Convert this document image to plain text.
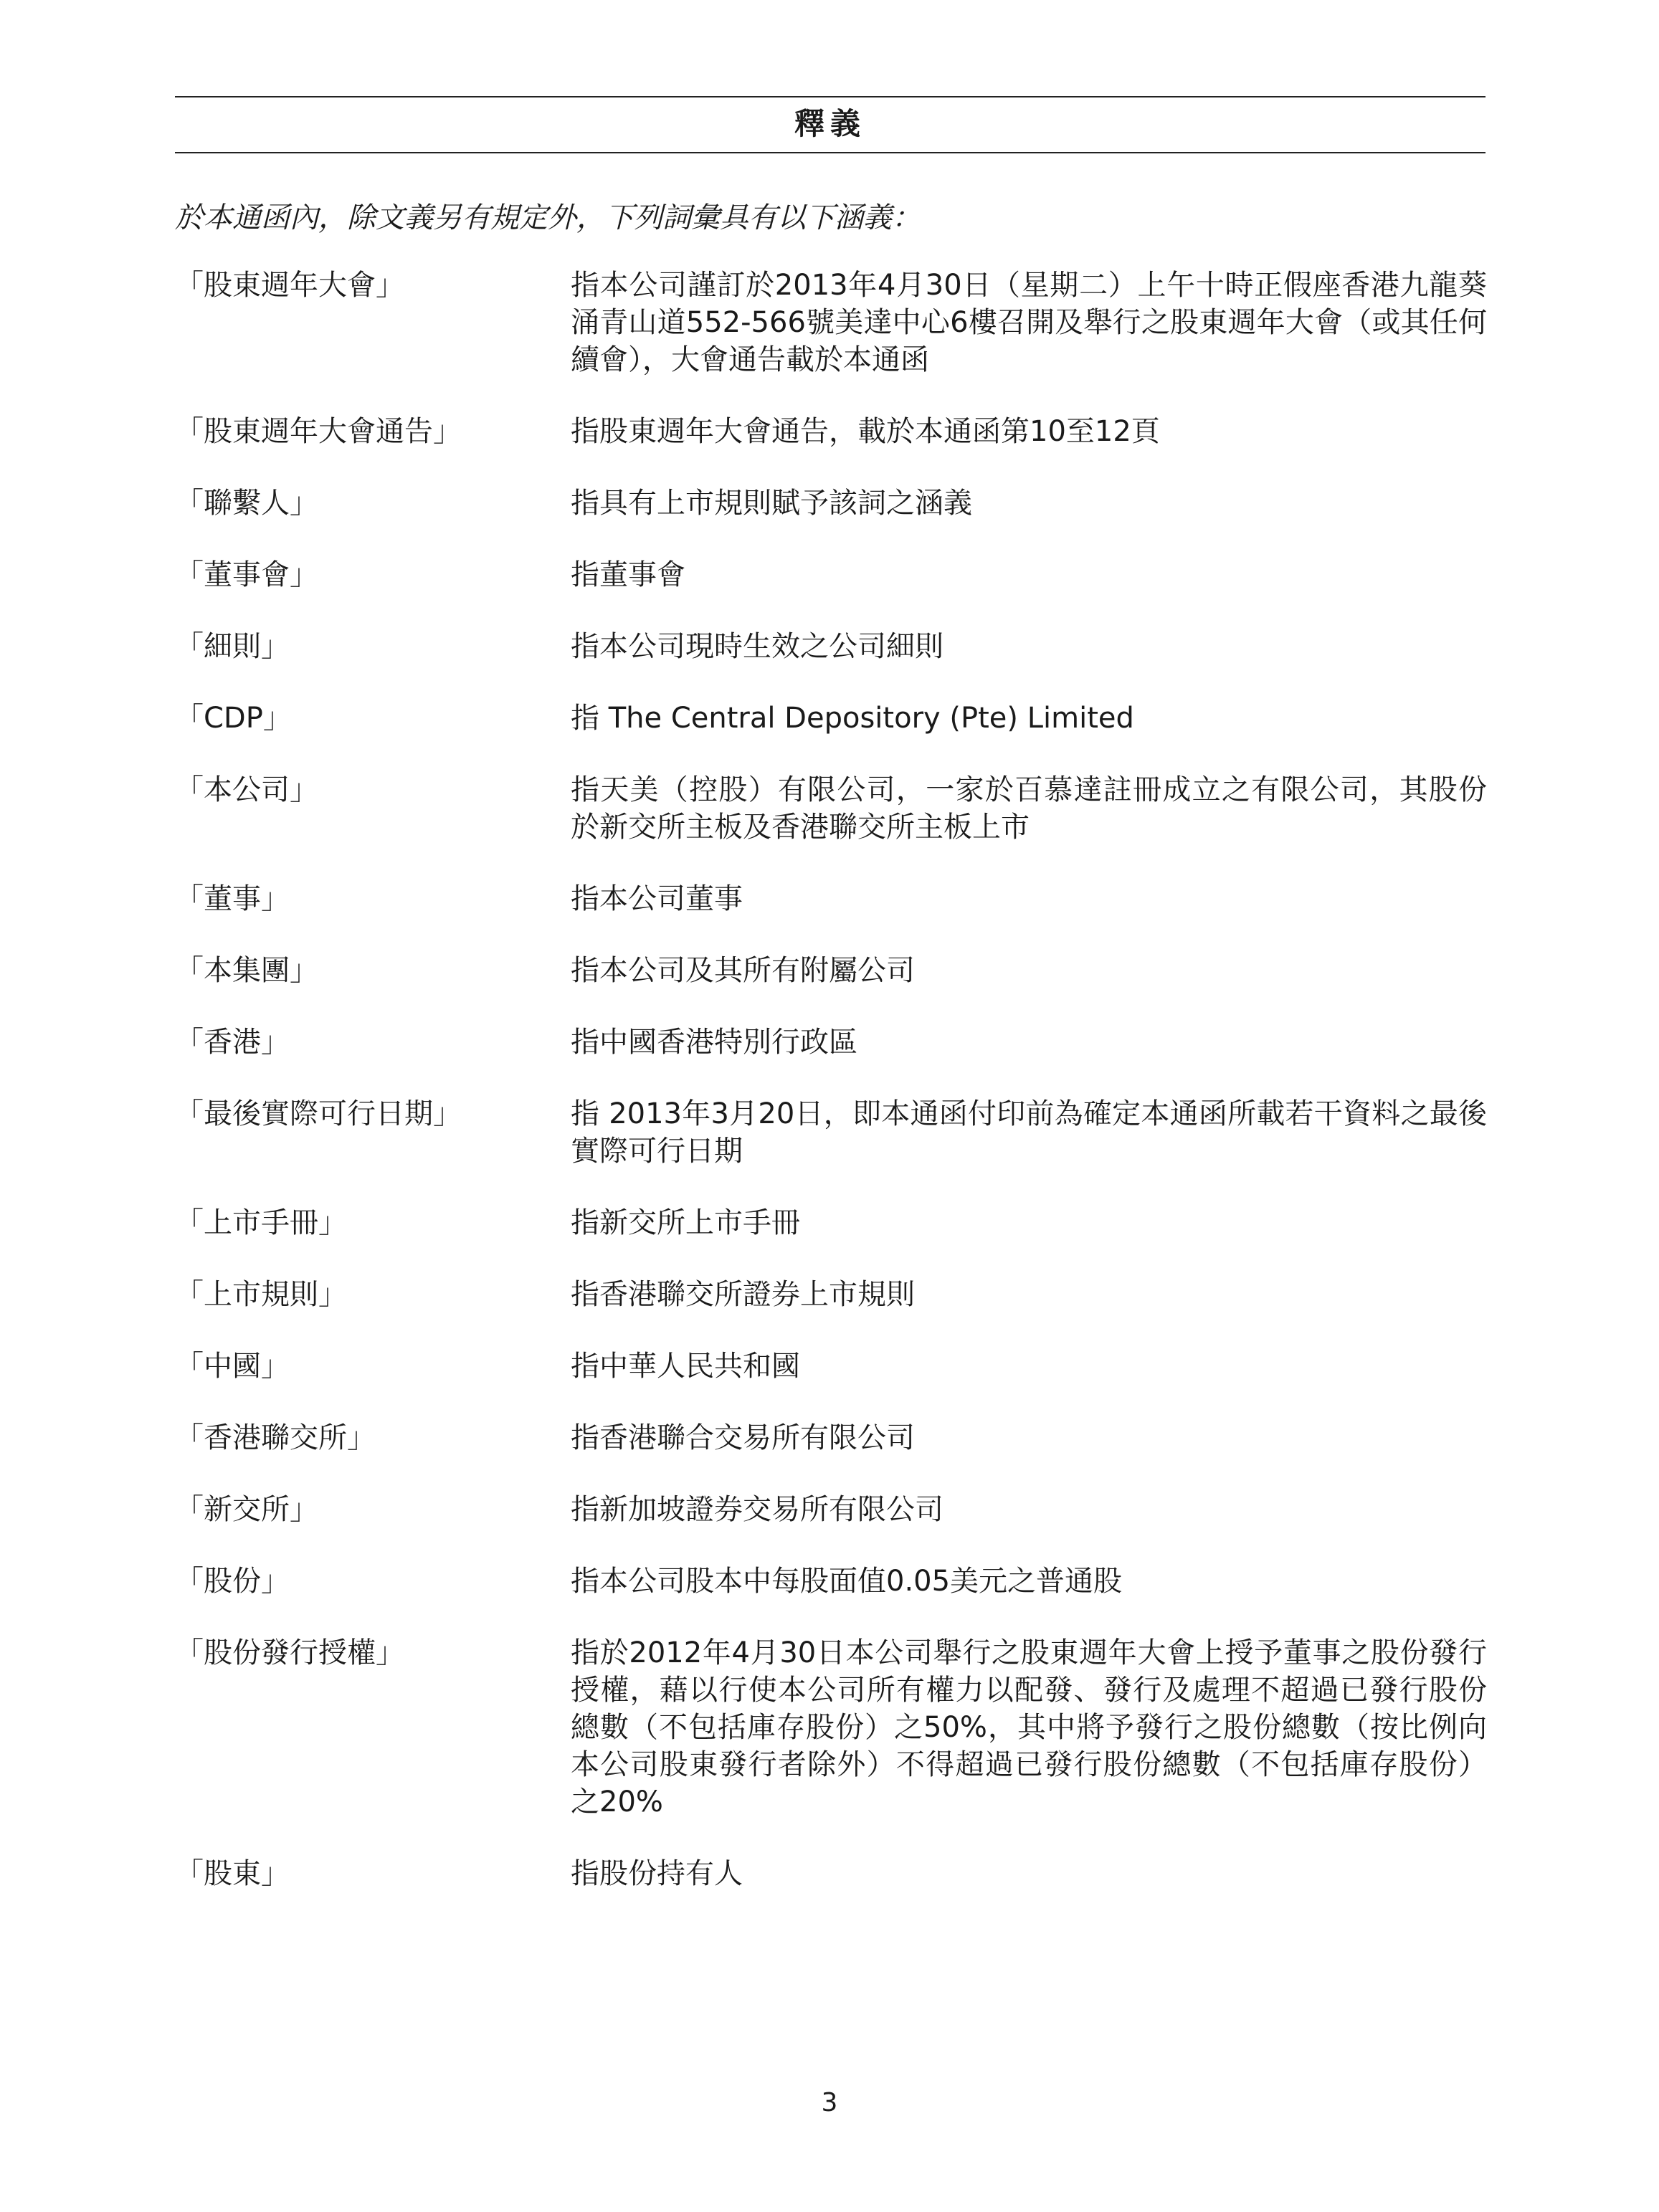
釋義
於本通函內，除文義另有規定外，下列詞彙具有以下涵義：
「股東週年大會」	指本公司謹訂於2013年4月30日（星期二）上午十時正假座香港九龍葵涌青山道552-566號美達中心6樓召開及舉行之股東週年大會（或其任何續會），大會通告載於本通函
「股東週年大會通告」	指股東週年大會通告，載於本通函第10至12頁
「聯繫人」	指具有上市規則賦予該詞之涵義
「董事會」	指董事會
「細則」	指本公司現時生效之公司細則
「CDP」	指 The Central Depository (Pte) Limited
「本公司」	指天美（控股）有限公司，一家於百慕達註冊成立之有限公司，其股份於新交所主板及香港聯交所主板上市
「董事」	指本公司董事
「本集團」	指本公司及其所有附屬公司
「香港」	指中國香港特別行政區
「最後實際可行日期」	指 2013年3月20日，即本通函付印前為確定本通函所載若干資料之最後實際可行日期
「上市手冊」	指新交所上市手冊
「上市規則」	指香港聯交所證券上市規則
「中國」	指中華人民共和國
「香港聯交所」	指香港聯合交易所有限公司
「新交所」	指新加坡證券交易所有限公司
「股份」	指本公司股本中每股面值0.05美元之普通股
「股份發行授權」	指於2012年4月30日本公司舉行之股東週年大會上授予董事之股份發行授權，藉以行使本公司所有權力以配發、發行及處理不超過已發行股份總數（不包括庫存股份）之50%，其中將予發行之股份總數（按比例向本公司股東發行者除外）不得超過已發行股份總數（不包括庫存股份）之20%
「股東」	指股份持有人
3
